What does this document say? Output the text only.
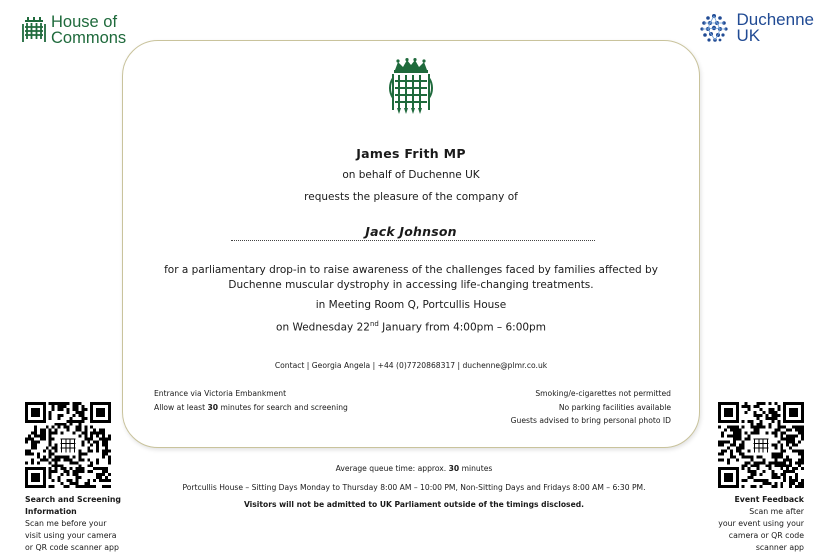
House of
Commons
Duchenne
UK
James Frith MP
on behalf of Duchenne UK
requests the pleasure of the company of
Jack Johnson
for a parliamentary drop-in to raise awareness of the challenges faced by families affected by Duchenne muscular dystrophy in accessing life-changing treatments.
in Meeting Room Q, Portcullis House
on Wednesday 22nd January from 4:00pm – 6:00pm
Contact | Georgia Angela | +44 (0)7720868317 | duchenne@plmr.co.uk
Entrance via Victoria Embankment
Allow at least 30 minutes for search and screening
Smoking/e-cigarettes not permitted
No parking facilities available
Guests advised to bring personal photo ID
Average queue time: approx. 30 minutes
Portcullis House – Sitting Days Monday to Thursday 8:00 AM – 10:00 PM, Non-Sitting Days and Fridays 8:00 AM – 6:30 PM.
Visitors will not be admitted to UK Parliament outside of the timings disclosed.
Search and Screening
Information
Scan me before your
visit using your camera
or QR code scanner app
Event Feedback
Scan me after
your event using your
camera or QR code
scanner app
